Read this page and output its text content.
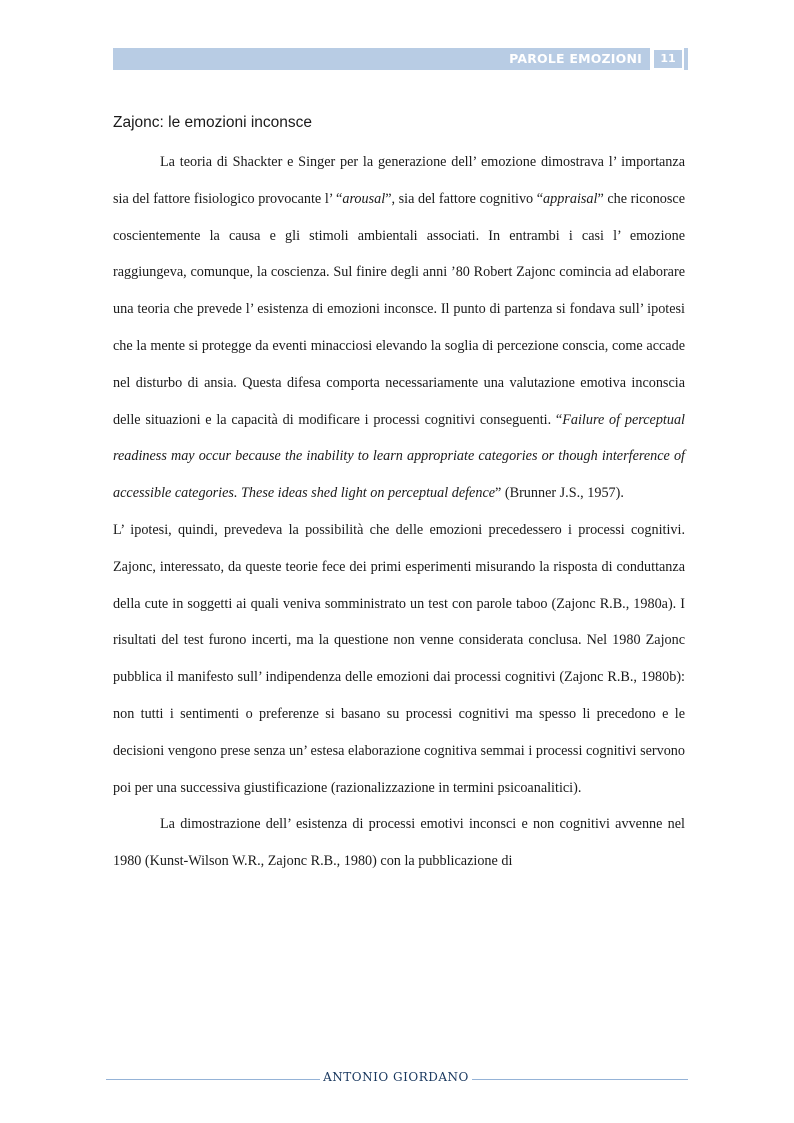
PAROLE EMOZIONI	11
Zajonc: le emozioni inconsce

La teoria di Shackter e Singer per la generazione dell’ emozione dimostrava l’ importanza sia del fattore fisiologico provocante l’ “arousal”, sia del fattore cognitivo “appraisal” che riconosce coscientemente la causa e gli stimoli ambientali associati. In entrambi i casi l’ emozione raggiungeva, comunque, la coscienza. Sul finire degli anni ’80 Robert Zajonc comincia ad elaborare una teoria che prevede l’ esistenza di emozioni inconsce. Il punto di partenza si fondava sull’ ipotesi che la mente si protegge da eventi minacciosi elevando la soglia di percezione conscia, come accade nel disturbo di ansia. Questa difesa comporta necessariamente una valutazione emotiva inconscia delle situazioni e la capacità di modificare i processi cognitivi conseguenti. “Failure of perceptual readiness may occur because the inability to learn appropriate categories or though interference of accessible categories. These ideas shed light on perceptual defence” (Brunner J.S., 1957).

L’ ipotesi, quindi, prevedeva la possibilità che delle emozioni precedessero i processi cognitivi. Zajonc, interessato, da queste teorie fece dei primi esperimenti misurando la risposta di conduttanza della cute in soggetti ai quali veniva somministrato un test con parole taboo (Zajonc R.B., 1980a). I risultati del test furono incerti, ma la questione non venne considerata conclusa. Nel 1980 Zajonc pubblica il manifesto sull’ indipendenza delle emozioni dai processi cognitivi (Zajonc R.B., 1980b): non tutti i sentimenti o preferenze si basano su processi cognitivi ma spesso li precedono e le decisioni vengono prese senza un’ estesa elaborazione cognitiva semmai i processi cognitivi servono poi per una successiva giustificazione (razionalizzazione in termini psicoanalitici).

La dimostrazione dell’ esistenza di processi emotivi inconsci e non cognitivi avvenne nel 1980 (Kunst-Wilson W.R., Zajonc R.B., 1980) con la pubblicazione di

ANTONIO GIORDANO
